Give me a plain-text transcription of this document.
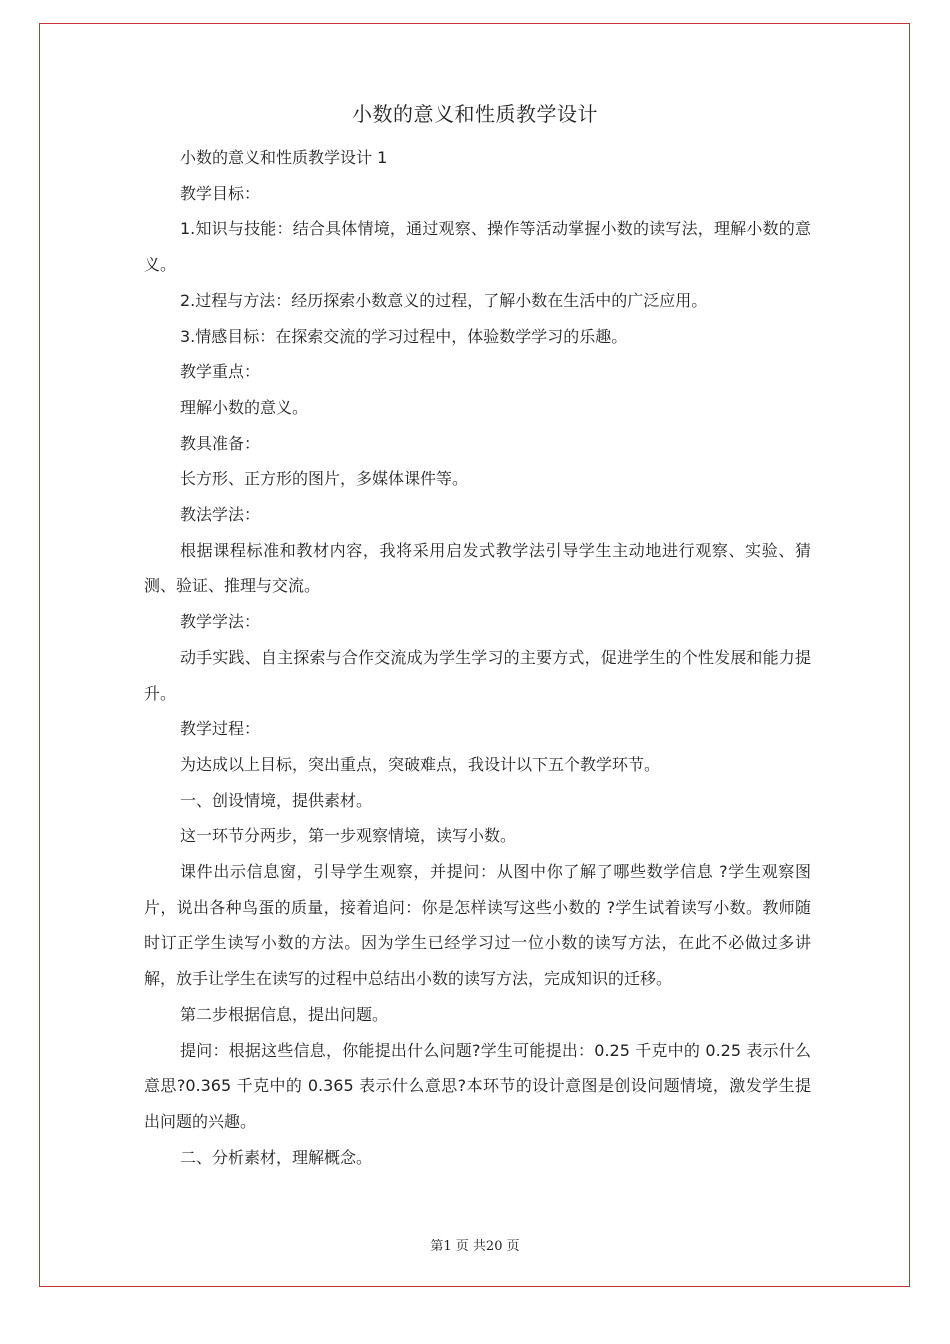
小数的意义和性质教学设计

小数的意义和性质教学设计 1

教学目标：

1.知识与技能：结合具体情境，通过观察、操作等活动掌握小数的读写法，理解小数的意义。

2.过程与方法：经历探索小数意义的过程，了解小数在生活中的广泛应用。

3.情感目标：在探索交流的学习过程中，体验数学学习的乐趣。

教学重点：

理解小数的意义。

教具准备：

长方形、正方形的图片，多媒体课件等。

教法学法：

根据课程标准和教材内容，我将采用启发式教学法引导学生主动地进行观察、实验、猜测、验证、推理与交流。

教学学法：

动手实践、自主探索与合作交流成为学生学习的主要方式，促进学生的个性发展和能力提升。

教学过程：

为达成以上目标，突出重点，突破难点，我设计以下五个教学环节。

一、创设情境，提供素材。

这一环节分两步，第一步观察情境，读写小数。

课件出示信息窗，引导学生观察，并提问：从图中你了解了哪些数学信息 ?学生观察图片，说出各种鸟蛋的质量，接着追问：你是怎样读写这些小数的 ?学生试着读写小数。教师随时订正学生读写小数的方法。因为学生已经学习过一位小数的读写方法，在此不必做过多讲解，放手让学生在读写的过程中总结出小数的读写方法，完成知识的迁移。

第二步根据信息，提出问题。

提问：根据这些信息，你能提出什么问题?学生可能提出：0.25 千克中的 0.25 表示什么意思?0.365 千克中的 0.365 表示什么意思?本环节的设计意图是创设问题情境，激发学生提出问题的兴趣。

二、分析素材，理解概念。

第1 页 共20 页
